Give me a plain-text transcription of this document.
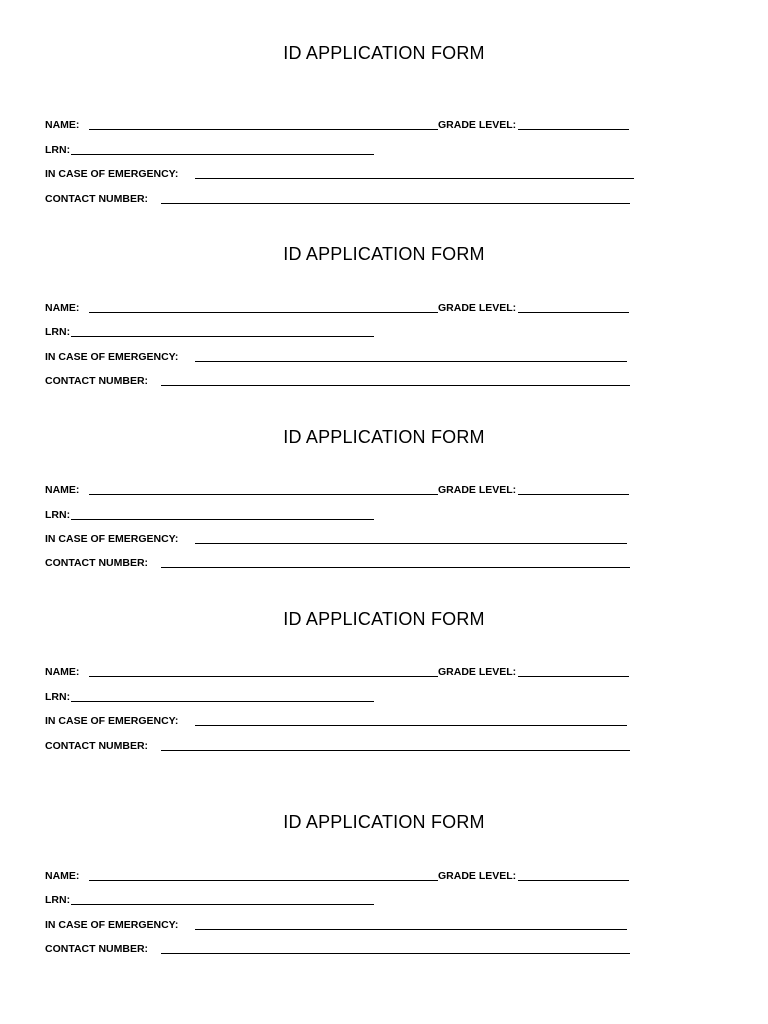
ID APPLICATION FORM
NAME:	GRADE LEVEL:
LRN:
IN CASE OF EMERGENCY:
CONTACT NUMBER:
ID APPLICATION FORM
NAME:	GRADE LEVEL:
LRN:
IN CASE OF EMERGENCY:
CONTACT NUMBER:
ID APPLICATION FORM
NAME:	GRADE LEVEL:
LRN:
IN CASE OF EMERGENCY:
CONTACT NUMBER:
ID APPLICATION FORM
NAME:	GRADE LEVEL:
LRN:
IN CASE OF EMERGENCY:
CONTACT NUMBER:
ID APPLICATION FORM
NAME:	GRADE LEVEL:
LRN:
IN CASE OF EMERGENCY:
CONTACT NUMBER:
